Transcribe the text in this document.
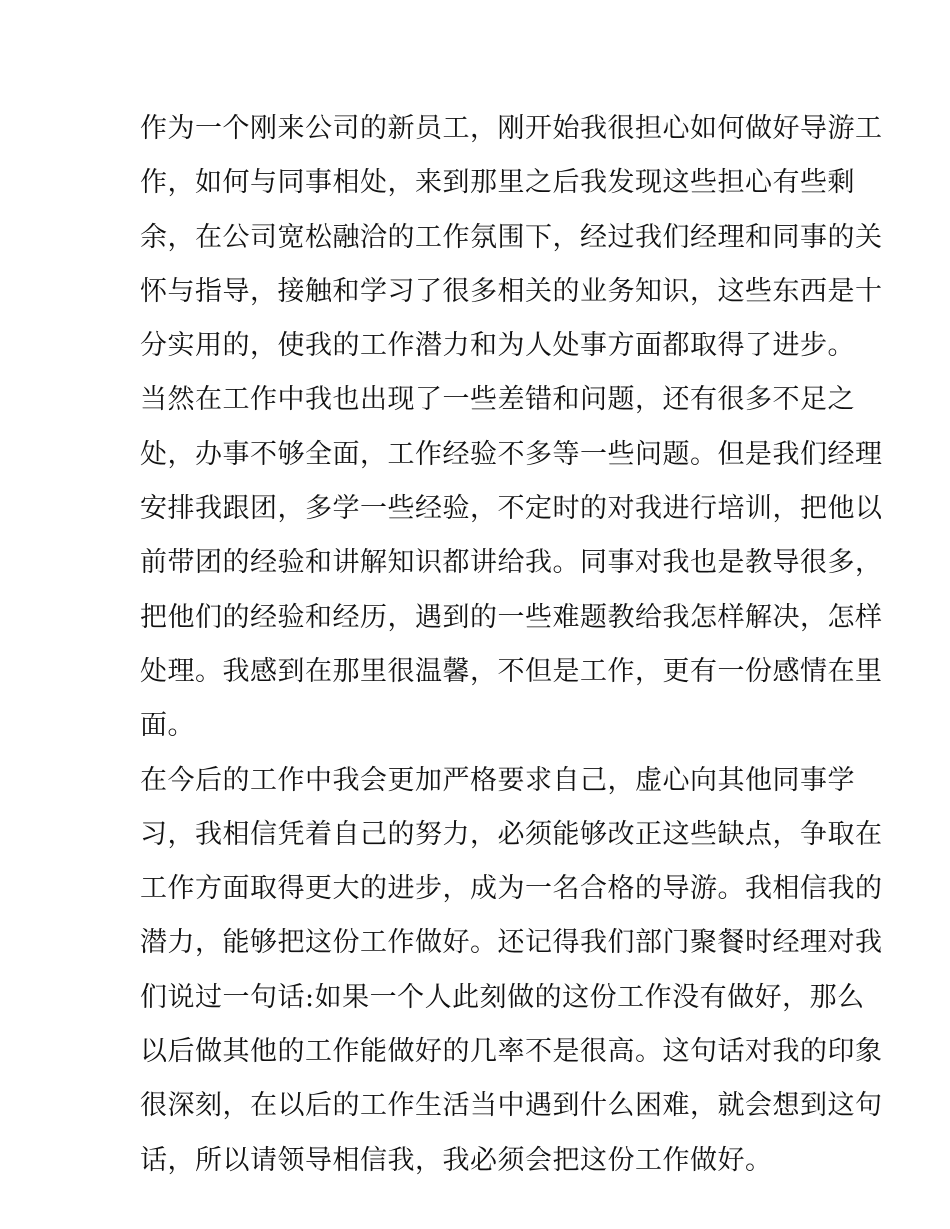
作为一个刚来公司的新员工，刚开始我很担心如何做好导游工
作，如何与同事相处，来到那里之后我发现这些担心有些剩
余，在公司宽松融洽的工作氛围下，经过我们经理和同事的关
怀与指导，接触和学习了很多相关的业务知识，这些东西是十
分实用的，使我的工作潜力和为人处事方面都取得了进步。
当然在工作中我也出现了一些差错和问题，还有很多不足之
处，办事不够全面，工作经验不多等一些问题。但是我们经理
安排我跟团，多学一些经验，不定时的对我进行培训，把他以
前带团的经验和讲解知识都讲给我。同事对我也是教导很多，
把他们的经验和经历，遇到的一些难题教给我怎样解决，怎样
处理。我感到在那里很温馨，不但是工作，更有一份感情在里
面。
在今后的工作中我会更加严格要求自己，虚心向其他同事学
习，我相信凭着自己的努力，必须能够改正这些缺点，争取在
工作方面取得更大的进步，成为一名合格的导游。我相信我的
潜力，能够把这份工作做好。还记得我们部门聚餐时经理对我
们说过一句话:如果一个人此刻做的这份工作没有做好，那么
以后做其他的工作能做好的几率不是很高。这句话对我的印象
很深刻，在以后的工作生活当中遇到什么困难，就会想到这句
话，所以请领导相信我，我必须会把这份工作做好。
